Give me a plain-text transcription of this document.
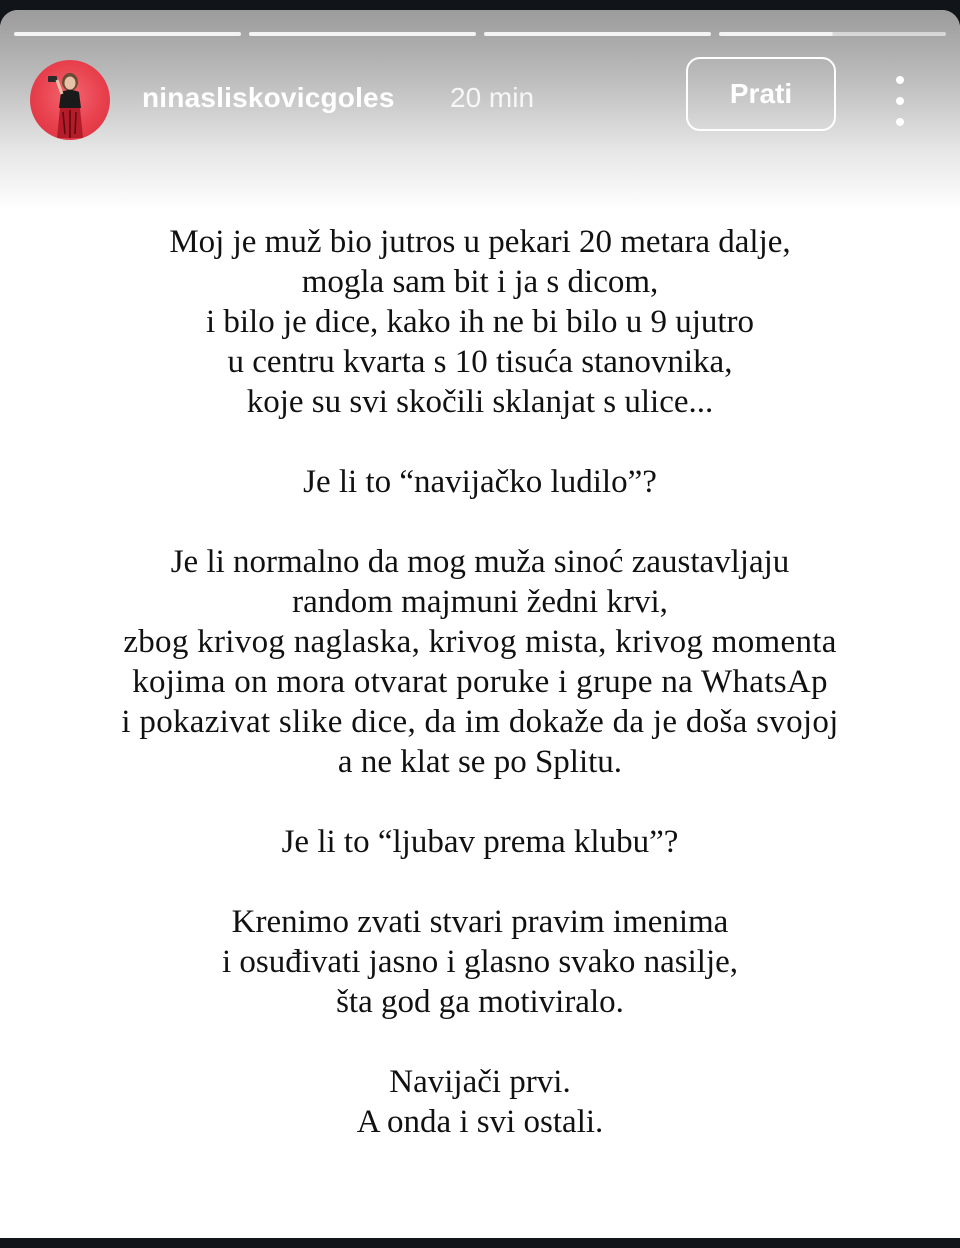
ninasliskovicgoles 20 min	Prati
Moj je muž bio jutros u pekari 20 metara dalje,
mogla sam bit i ja s dicom,
i bilo je dice, kako ih ne bi bilo u 9 ujutro
u centru kvarta s 10 tisuća stanovnika,
koje su svi skočili sklanjat s ulice...
Je li to “navijačko ludilo”?
Je li normalno da mog muža sinoć zaustavljaju
random majmuni žedni krvi,
zbog krivog naglaska, krivog mista, krivog momenta
kojima on mora otvarat poruke i grupe na WhatsAp
i pokazivat slike dice, da im dokaže da je doša svojoj
a ne klat se po Splitu.
Je li to “ljubav prema klubu”?
Krenimo zvati stvari pravim imenima
i osuđivati jasno i glasno svako nasilje,
šta god ga motiviralo.
Navijači prvi.
A onda i svi ostali.
